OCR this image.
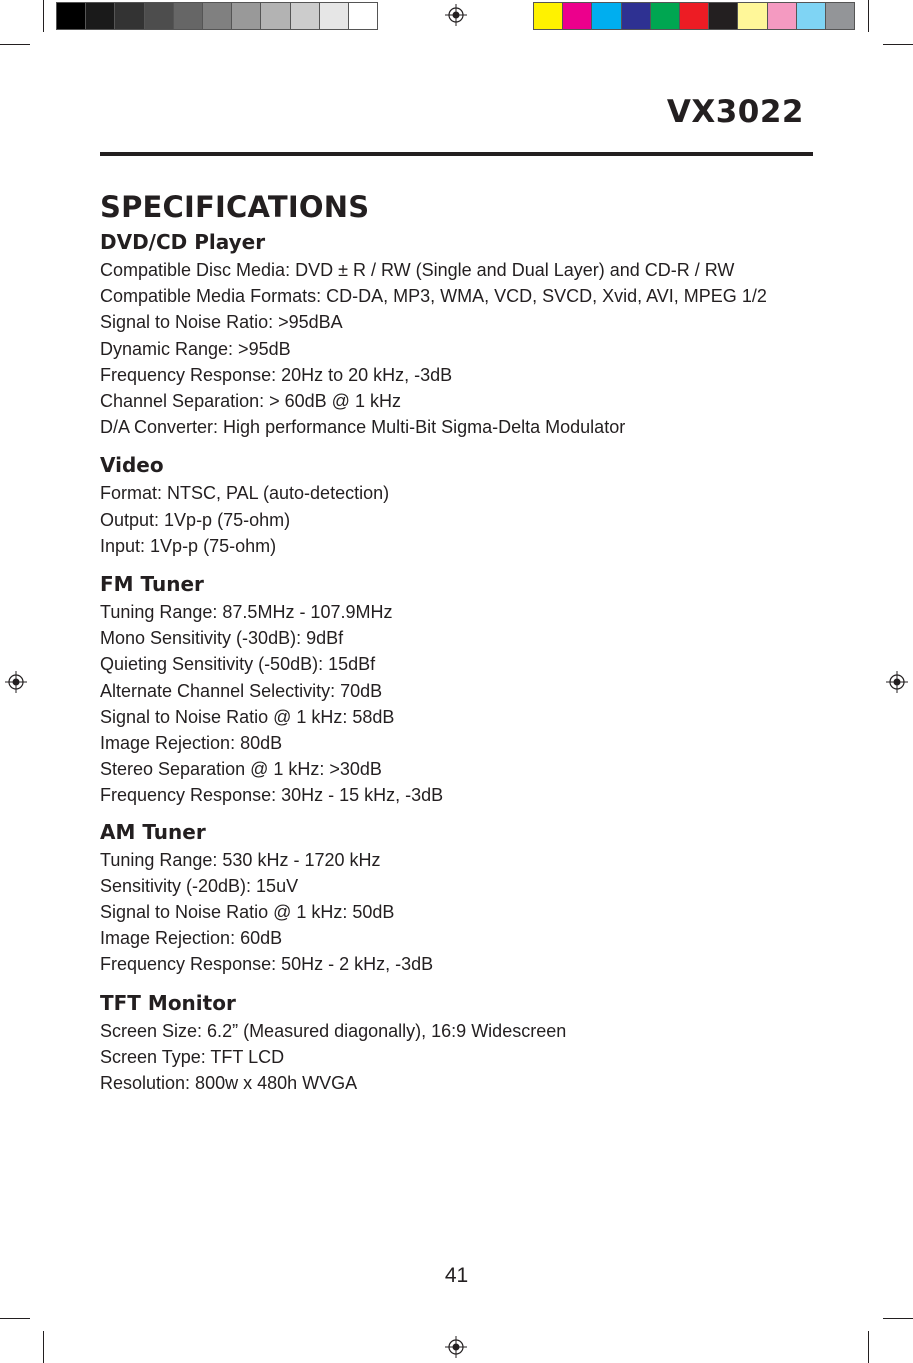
VX3022
SPECIFICATIONS
DVD/CD Player

Compatible Disc Media: DVD ± R / RW (Single and Dual Layer) and CD-R / RW

Compatible Media Formats: CD-DA, MP3, WMA, VCD, SVCD, Xvid, AVI, MPEG 1/2

Signal to Noise Ratio: >95dBA

Dynamic Range: >95dB

Frequency Response: 20Hz to 20 kHz, -3dB

Channel Separation: > 60dB @ 1 kHz

D/A Converter: High performance Multi-Bit Sigma-Delta Modulator

Video

Format: NTSC, PAL (auto-detection)

Output: 1Vp-p (75-ohm)

Input: 1Vp-p (75-ohm)

FM Tuner

Tuning Range: 87.5MHz - 107.9MHz

Mono Sensitivity (-30dB): 9dBf

Quieting Sensitivity (-50dB): 15dBf

Alternate Channel Selectivity: 70dB

Signal to Noise Ratio @ 1 kHz: 58dB

Image Rejection: 80dB

Stereo Separation @ 1 kHz: >30dB

Frequency Response: 30Hz - 15 kHz, -3dB

AM Tuner

Tuning Range: 530 kHz - 1720 kHz

Sensitivity (-20dB): 15uV

Signal to Noise Ratio @ 1 kHz: 50dB

Image Rejection: 60dB

Frequency Response: 50Hz - 2 kHz, -3dB

TFT Monitor

Screen Size: 6.2” (Measured diagonally), 16:9 Widescreen

Screen Type: TFT LCD

Resolution: 800w x 480h WVGA

41
